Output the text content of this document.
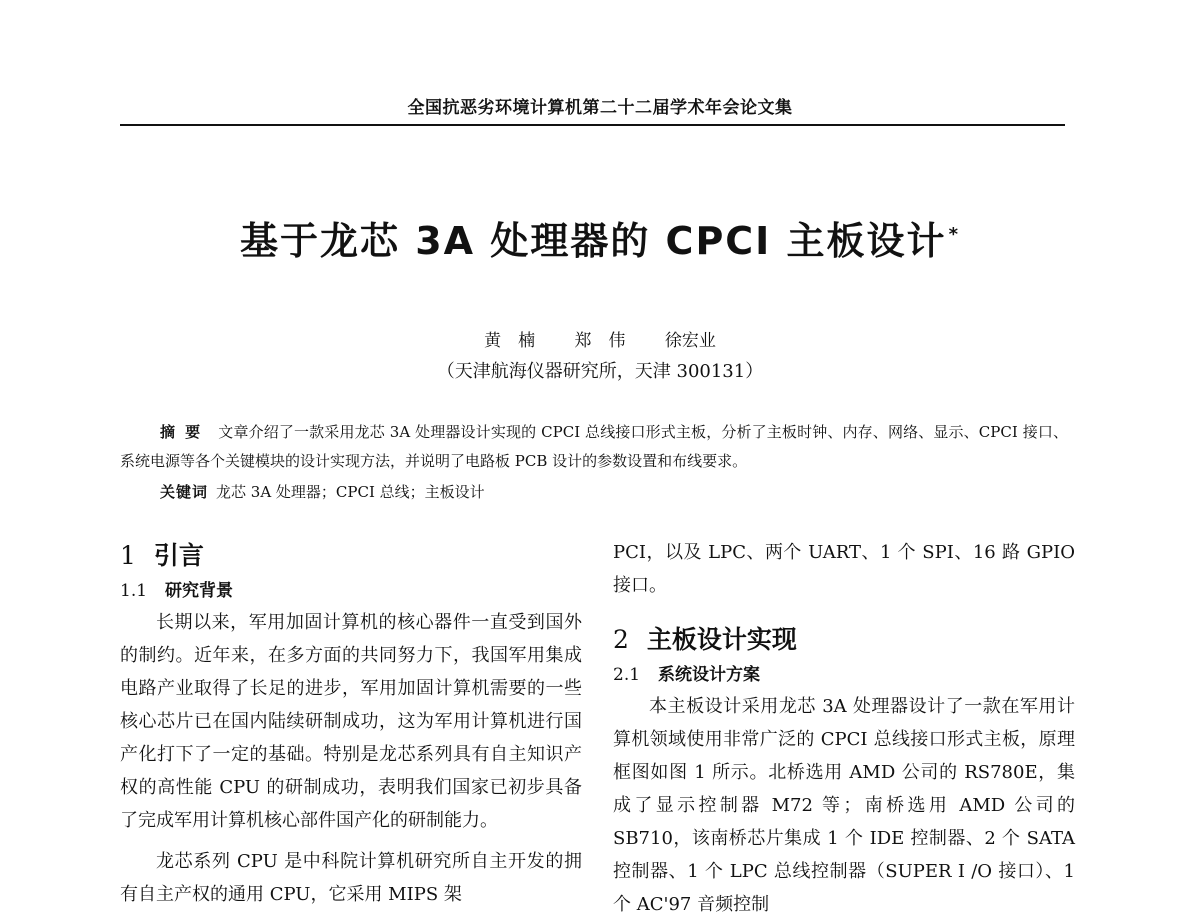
全国抗恶劣环境计算机第二十二届学术年会论文集
基于龙芯 3A 处理器的 CPCI 主板设计 *
黄　楠 郑　伟 徐宏业
（天津航海仪器研究所，天津 300131）
摘要 文章介绍了一款采用龙芯 3A 处理器设计实现的 CPCI 总线接口形式主板，分析了主板时钟、内存、网络、显示、CPCI 接口、系统电源等各个关键模块的设计实现方法，并说明了电路板 PCB 设计的参数设置和布线要求。
关键词 龙芯 3A 处理器；CPCI 总线；主板设计
1 引言
1.1 研究背景

长期以来，军用加固计算机的核心器件一直受到国外的制约。近年来，在多方面的共同努力下，我国军用集成电路产业取得了长足的进步，军用加固计算机需要的一些核心芯片已在国内陆续研制成功，这为军用计算机进行国产化打下了一定的基础。特别是龙芯系列具有自主知识产权的高性能 CPU 的研制成功，表明我们国家已初步具备了完成军用计算机核心部件国产化的研制能力。

龙芯系列 CPU 是中科院计算机研究所自主开发的拥有自主产权的通用 CPU，它采用 MIPS 架

PCI，以及 LPC、两个 UART、1 个 SPI、16 路 GPIO 接口。

2 主板设计实现
2.1 系统设计方案

本主板设计采用龙芯 3A 处理器设计了一款在军用计算机领域使用非常广泛的 CPCI 总线接口形式主板，原理框图如图 1 所示。北桥选用 AMD 公司的 RS780E，集成了显示控制器 M72 等；南桥选用 AMD 公司的 SB710，该南桥芯片集成 1 个 IDE 控制器、2 个 SATA 控制器、1 个 LPC 总线控制器（SUPER I /O 接口）、1 个 AC'97 音频控制
